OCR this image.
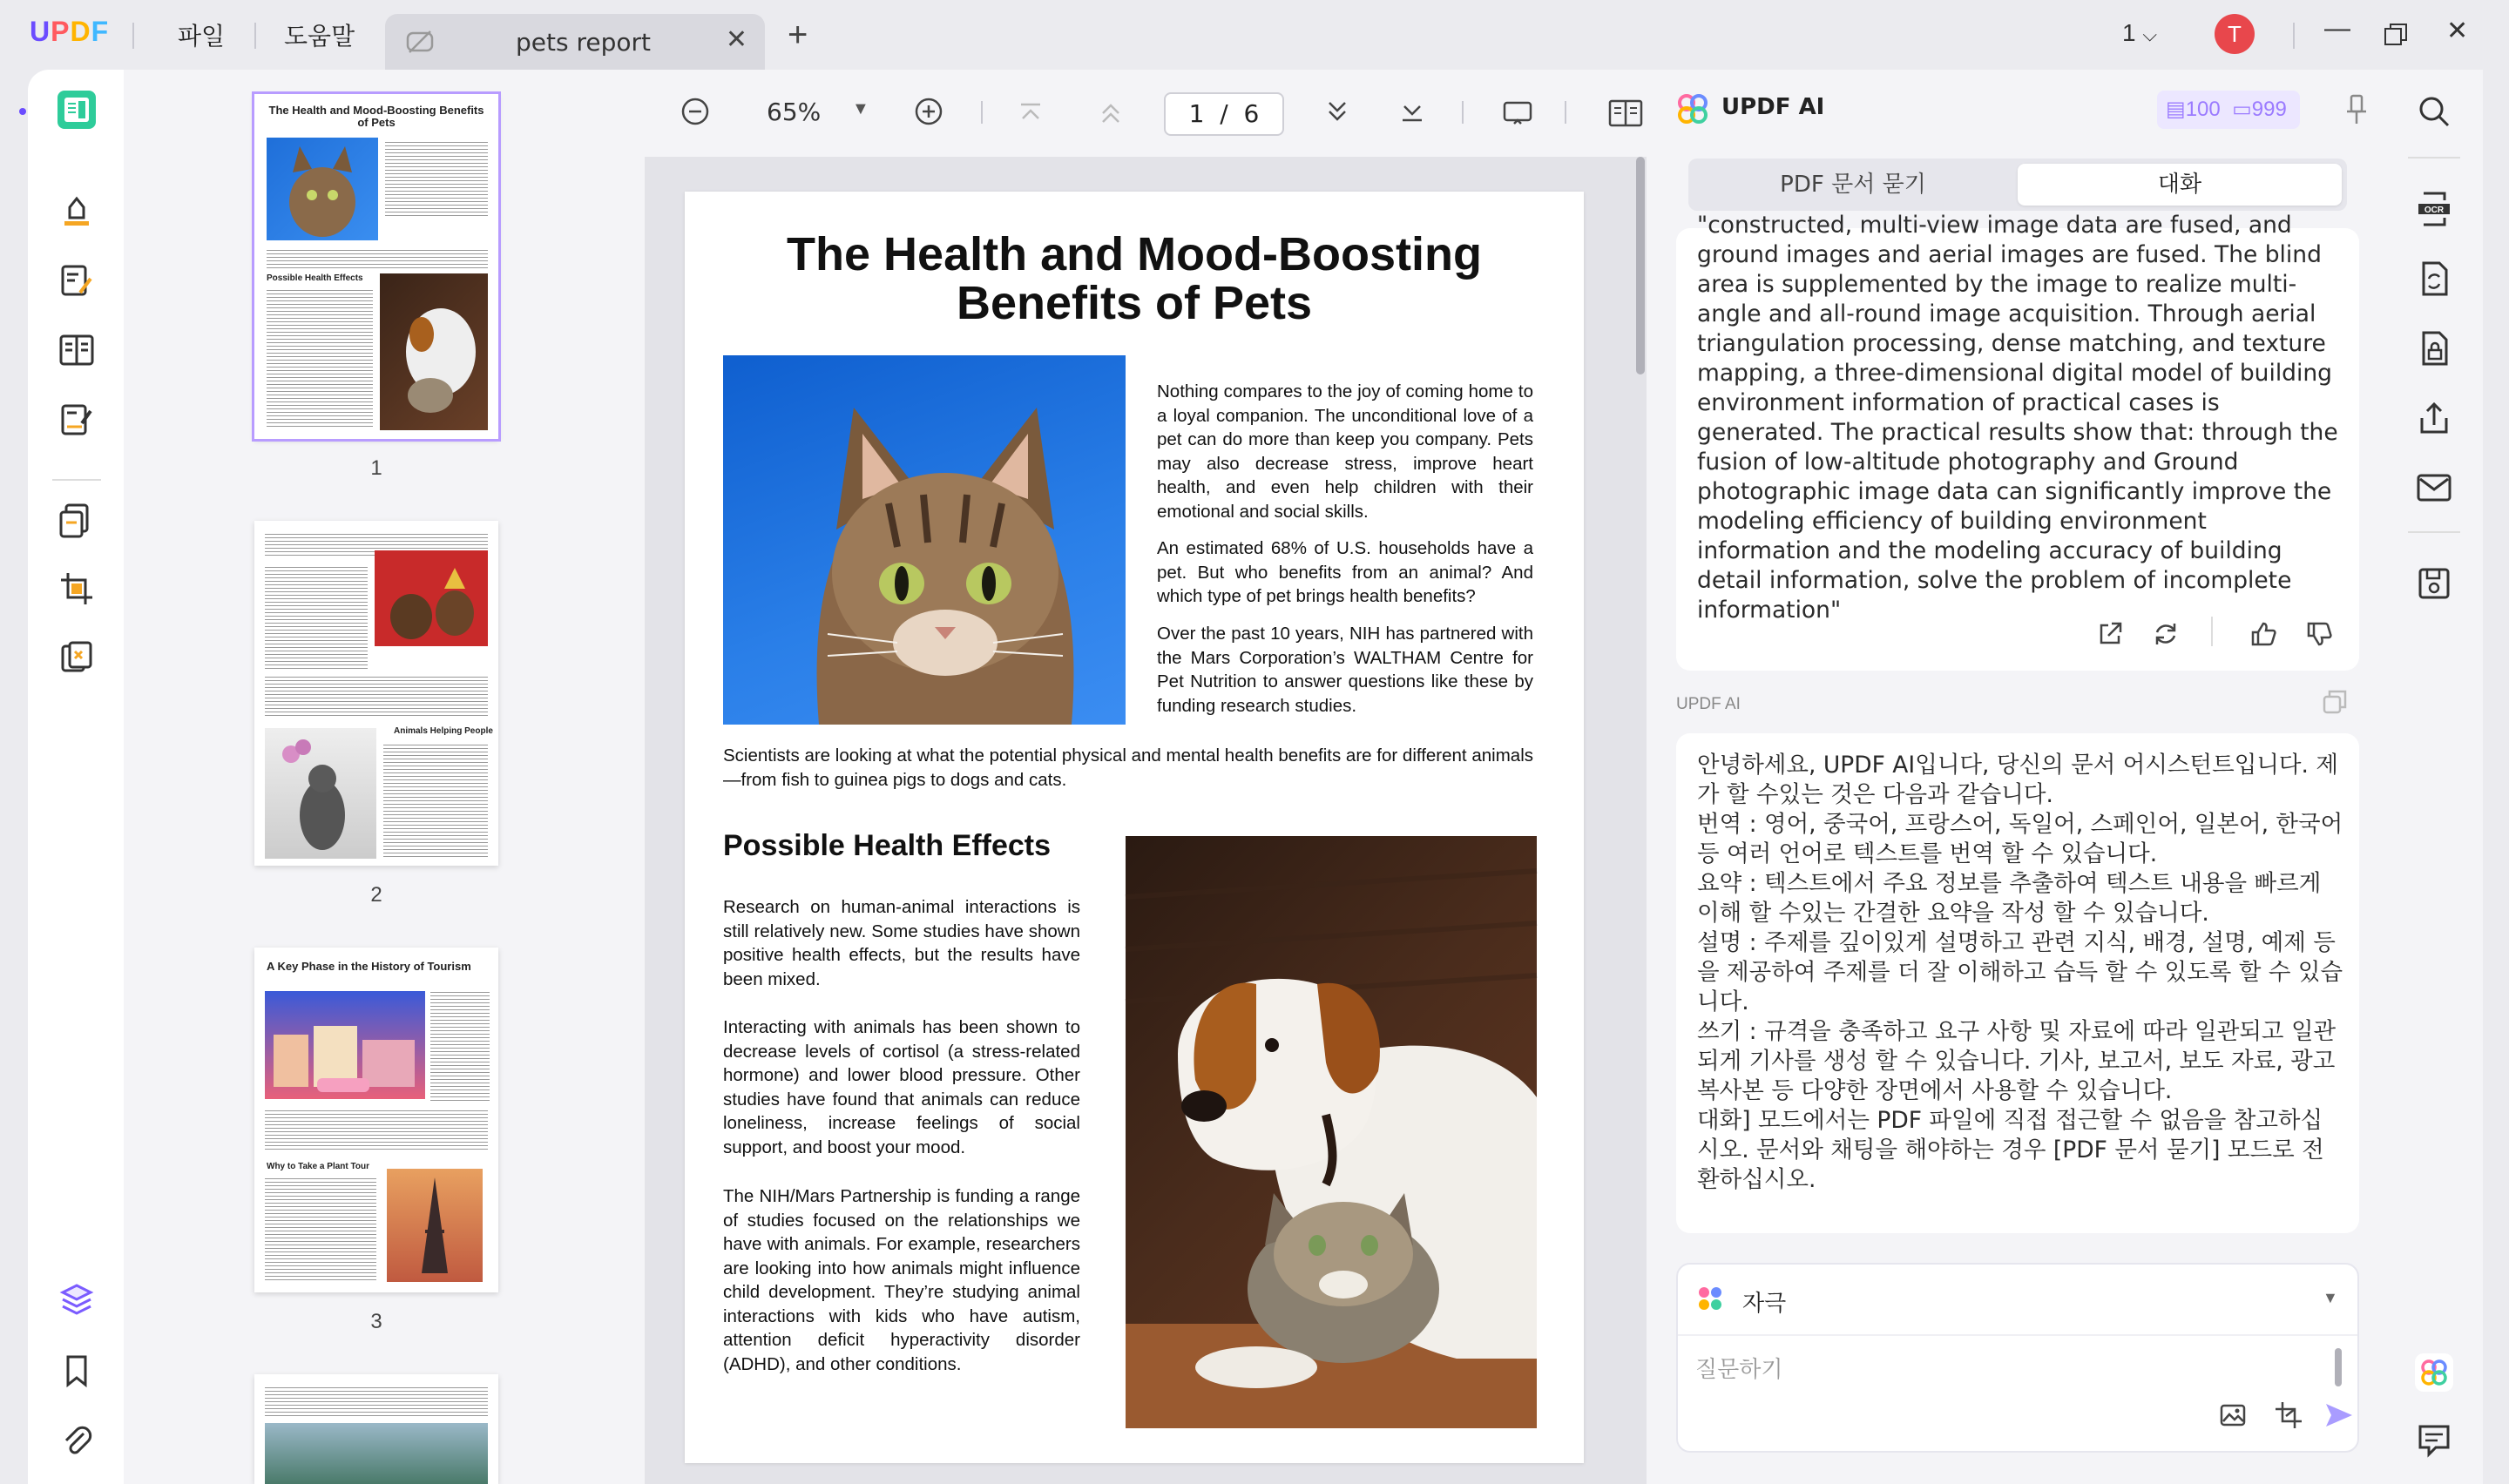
UPDF	파일 도움말	pets report	✕ +	1 ⌵	T	—	✕
The Health and Mood-Boosting Benefits of Pets
Possible Health Effects
1
Animals Helping People
2
A Key Phase in the History of Tourism
Why to Take a Plant Tour
3
65% ▼	1 / 6
The Health and Mood-Boosting
Benefits of Pets
Nothing compares to the joy of coming home to a loyal companion. The unconditional love of a pet can do more than keep you company. Pets may also decrease stress, improve heart health, and even help children with their emotional and social skills.
An estimated 68% of U.S. households have a pet. But who benefits from an animal? And which type of pet brings health benefits?
Over the past 10 years, NIH has partnered with the Mars Corporation’s WALTHAM Centre for Pet Nutrition to answer questions like these by funding research studies.
Scientists are looking at what the potential physical and mental health benefits are for different animals—from fish to guinea pigs to dogs and cats.
Possible Health Effects
Research on human-animal interactions is still relatively new. Some studies have shown positive health effects, but the results have been mixed.
Interacting with animals has been shown to decrease levels of cortisol (a stress-related hormone) and lower blood pressure. Other studies have found that animals can reduce loneliness, increase feelings of social support, and boost your mood.
The NIH/Mars Partnership is funding a range of studies focused on the relationships we have with animals. For example, researchers are looking into how animals might influence child development. They’re studying animal interactions with kids who have autism, attention deficit hyperactivity disorder (ADHD), and other conditions.
UPDF AI	▤100 ▭999
PDF 문서 묻기	대화
"constructed, multi-view image data are fused, and ground images and aerial images are fused. The blind area is supplemented by the image to realize multi-angle and all-round image acquisition. Through aerial triangulation processing, dense matching, and texture mapping, a three-dimensional digital model of building environment information of practical cases is generated. The practical results show that: through the fusion of low-altitude photography and Ground photographic image data can significantly improve the modeling efficiency of building environment information and the modeling accuracy of building detail information, solve the problem of incomplete information"
UPDF AI
안녕하세요, UPDF AI입니다, 당신의 문서 어시스턴트입니다. 제가 할 수있는 것은 다음과 같습니다.
번역 : 영어, 중국어, 프랑스어, 독일어, 스페인어, 일본어, 한국어 등 여러 언어로 텍스트를 번역 할 수 있습니다.
요약 : 텍스트에서 주요 정보를 추출하여 텍스트 내용을 빠르게 이해 할 수있는 간결한 요약을 작성 할 수 있습니다.
설명 : 주제를 깊이있게 설명하고 관련 지식, 배경, 설명, 예제 등을 제공하여 주제를 더 잘 이해하고 습득 할 수 있도록 할 수 있습니다.
쓰기 : 규격을 충족하고 요구 사항 및 자료에 따라 일관되고 일관되게 기사를 생성 할 수 있습니다. 기사, 보고서, 보도 자료, 광고 복사본 등 다양한 장면에서 사용할 수 있습니다.
대화] 모드에서는 PDF 파일에 직접 접근할 수 없음을 참고하십시오. 문서와 채팅을 해야하는 경우 [PDF 문서 묻기] 모드로 전환하십시오.
자극	▼
질문하기
OCR
